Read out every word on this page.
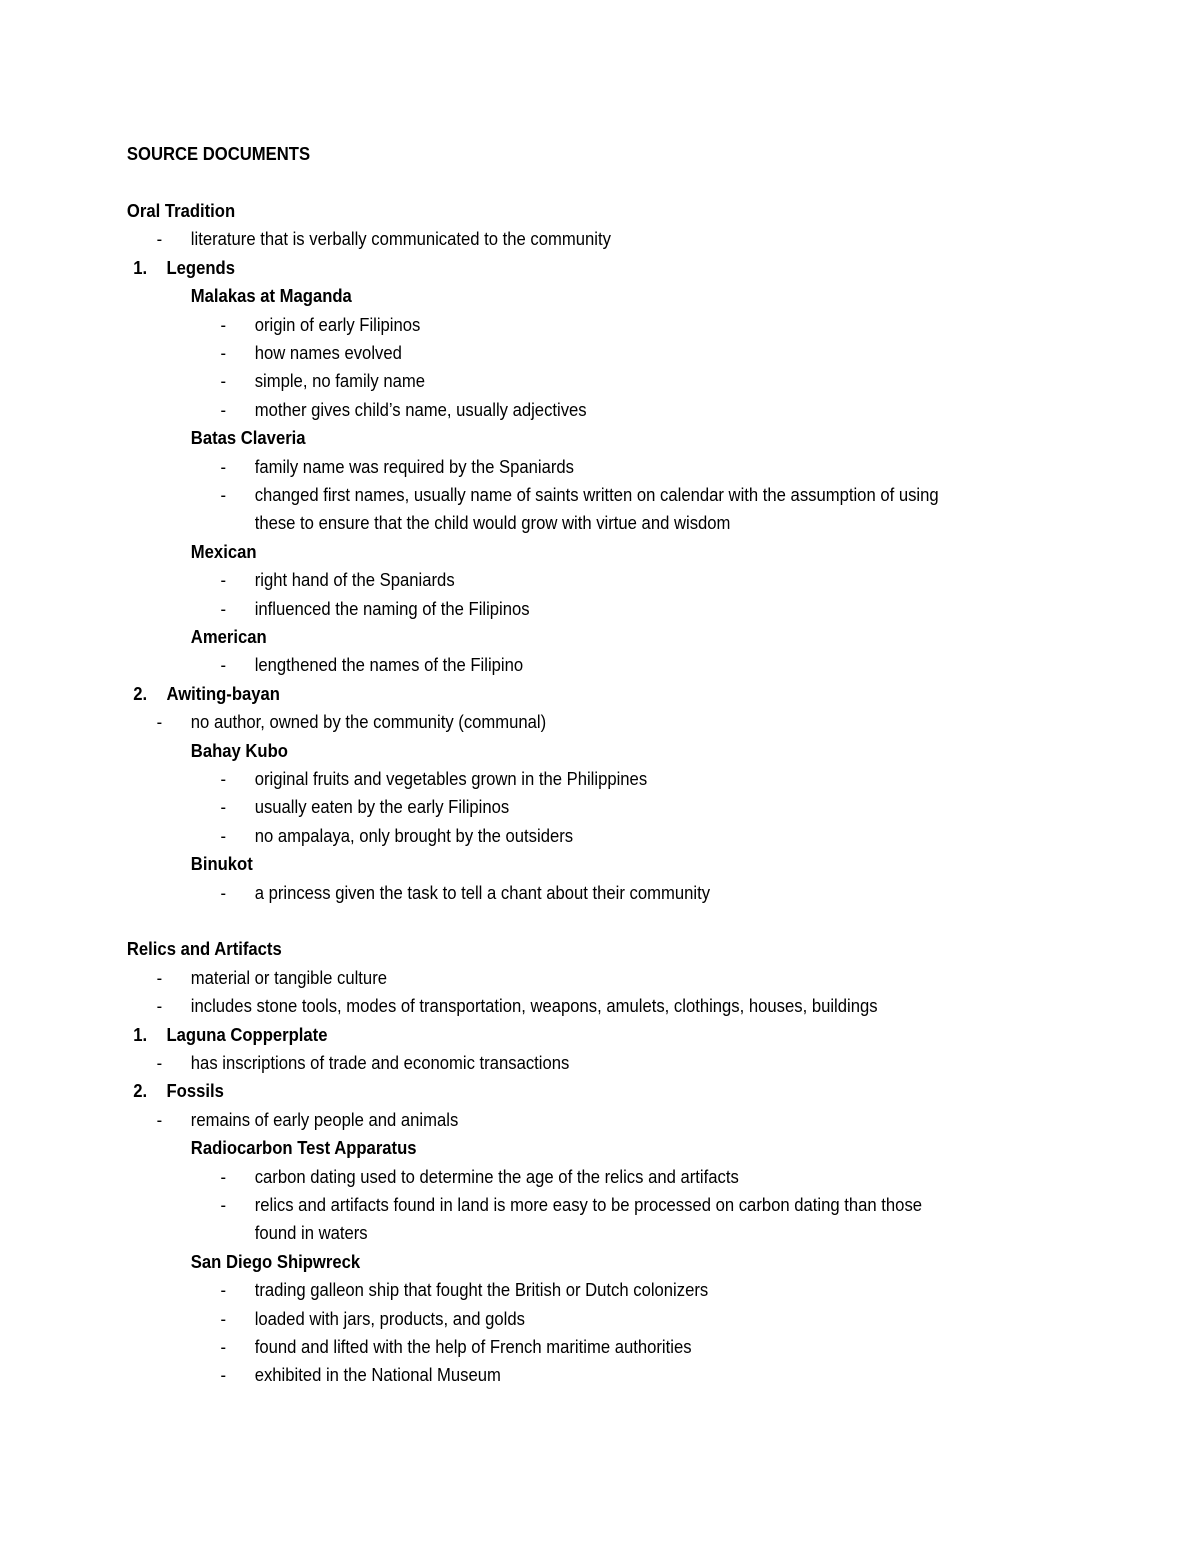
SOURCE DOCUMENTS
Oral Tradition
- literature that is verbally communicated to the community
1. Legends
Malakas at Maganda
- origin of early Filipinos
- how names evolved
- simple, no family name
- mother gives child’s name, usually adjectives
Batas Claveria
- family name was required by the Spaniards
- changed first names, usually name of saints written on calendar with the assumption of using these to ensure that the child would grow with virtue and wisdom
Mexican
- right hand of the Spaniards
- influenced the naming of the Filipinos
American
- lengthened the names of the Filipino
2. Awiting-bayan
- no author, owned by the community (communal)
Bahay Kubo
- original fruits and vegetables grown in the Philippines
- usually eaten by the early Filipinos
- no ampalaya, only brought by the outsiders
Binukot
- a princess given the task to tell a chant about their community
Relics and Artifacts
- material or tangible culture
- includes stone tools, modes of transportation, weapons, amulets, clothings, houses, buildings
1. Laguna Copperplate
- has inscriptions of trade and economic transactions
2. Fossils
- remains of early people and animals
Radiocarbon Test Apparatus
- carbon dating used to determine the age of the relics and artifacts
- relics and artifacts found in land is more easy to be processed on carbon dating than those found in waters
San Diego Shipwreck
- trading galleon ship that fought the British or Dutch colonizers
- loaded with jars, products, and golds
- found and lifted with the help of French maritime authorities
- exhibited in the National Museum
